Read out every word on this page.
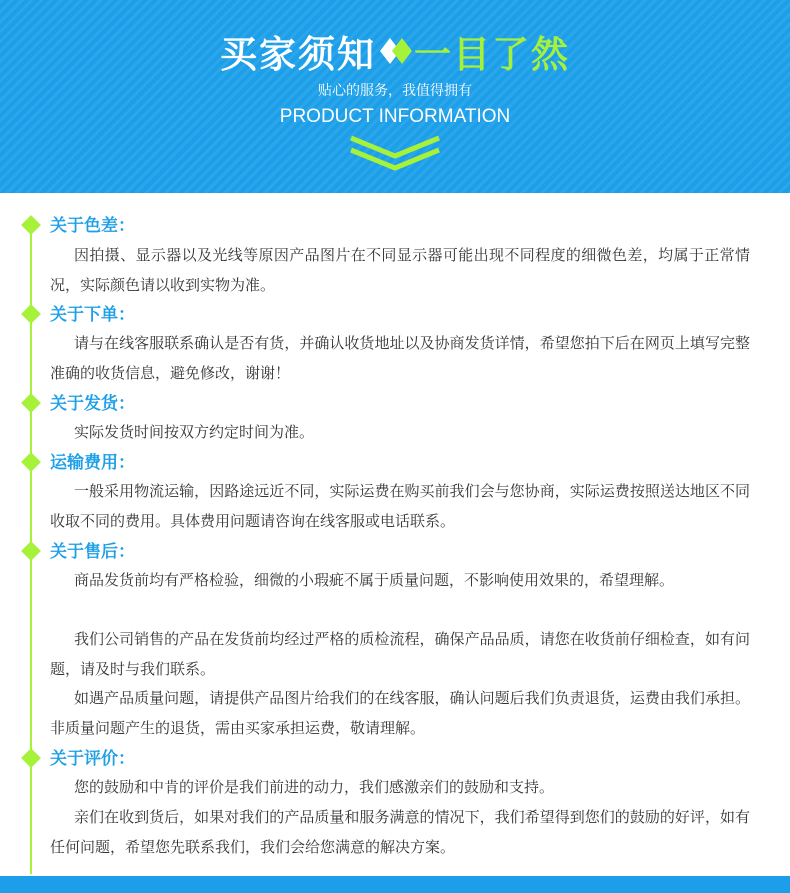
买家须知 一目了然
贴心的服务，我值得拥有
PRODUCT INFORMATION
关于色差：
因拍摄、显示器以及光线等原因产品图片在不同显示器可能出现不同程度的细微色差，均属于正常情况，实际颜色请以收到实物为准。
关于下单：
请与在线客服联系确认是否有货，并确认收货地址以及协商发货详情，希望您拍下后在网页上填写完整准确的收货信息，避免修改，谢谢！
关于发货：
实际发货时间按双方约定时间为准。
运输费用：
一般采用物流运输，因路途远近不同，实际运费在购买前我们会与您协商，实际运费按照送达地区不同收取不同的费用。具体费用问题请咨询在线客服或电话联系。
关于售后：
商品发货前均有严格检验，细微的小瑕疵不属于质量问题，不影响使用效果的，希望理解。
我们公司销售的产品在发货前均经过严格的质检流程，确保产品品质，请您在收货前仔细检查，如有问题，请及时与我们联系。
如遇产品质量问题，请提供产品图片给我们的在线客服，确认问题后我们负责退货，运费由我们承担。非质量问题产生的退货，需由买家承担运费，敬请理解。
关于评价：
您的鼓励和中肯的评价是我们前进的动力，我们感激亲们的鼓励和支持。
亲们在收到货后，如果对我们的产品质量和服务满意的情况下，我们希望得到您们的鼓励的好评，如有任何问题，希望您先联系我们，我们会给您满意的解决方案。
